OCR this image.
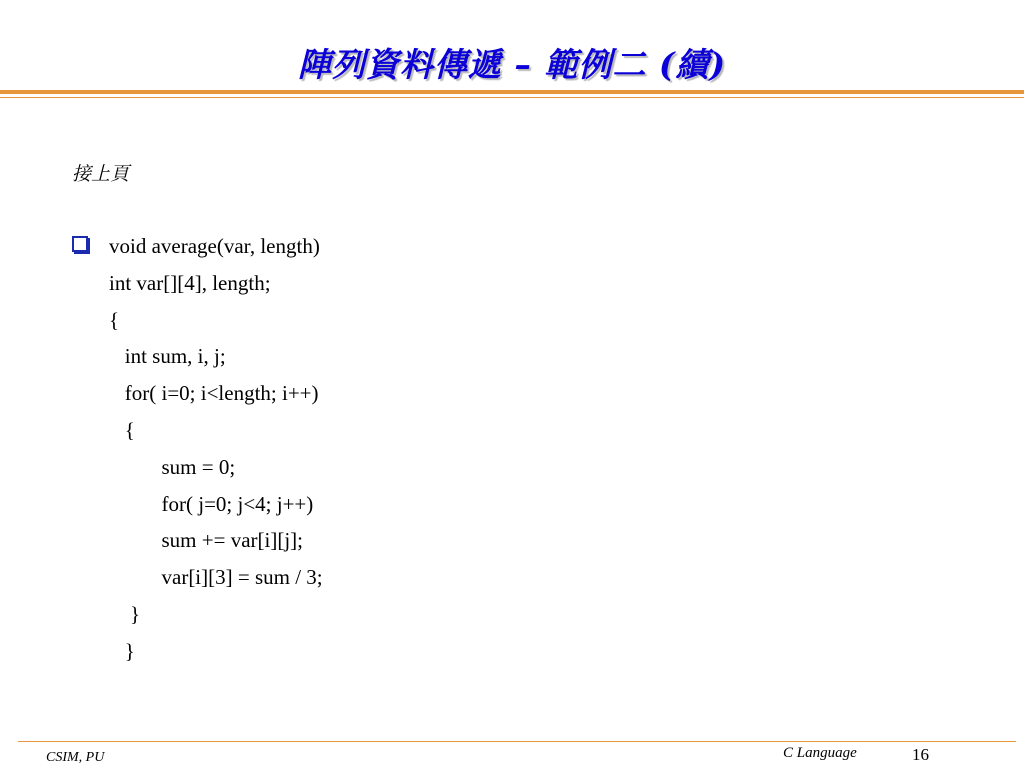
陣列資料傳遞 – 範例二 (續)
接上頁
void average(var, length)
int var[][4], length;
{
int sum, i, j;
for( i=0; i<length; i++)
{
sum = 0;
for( j=0; j<4; j++)
sum += var[i][j];
var[i][3] = sum / 3;
}
}
CSIM, PU	C Language	16
